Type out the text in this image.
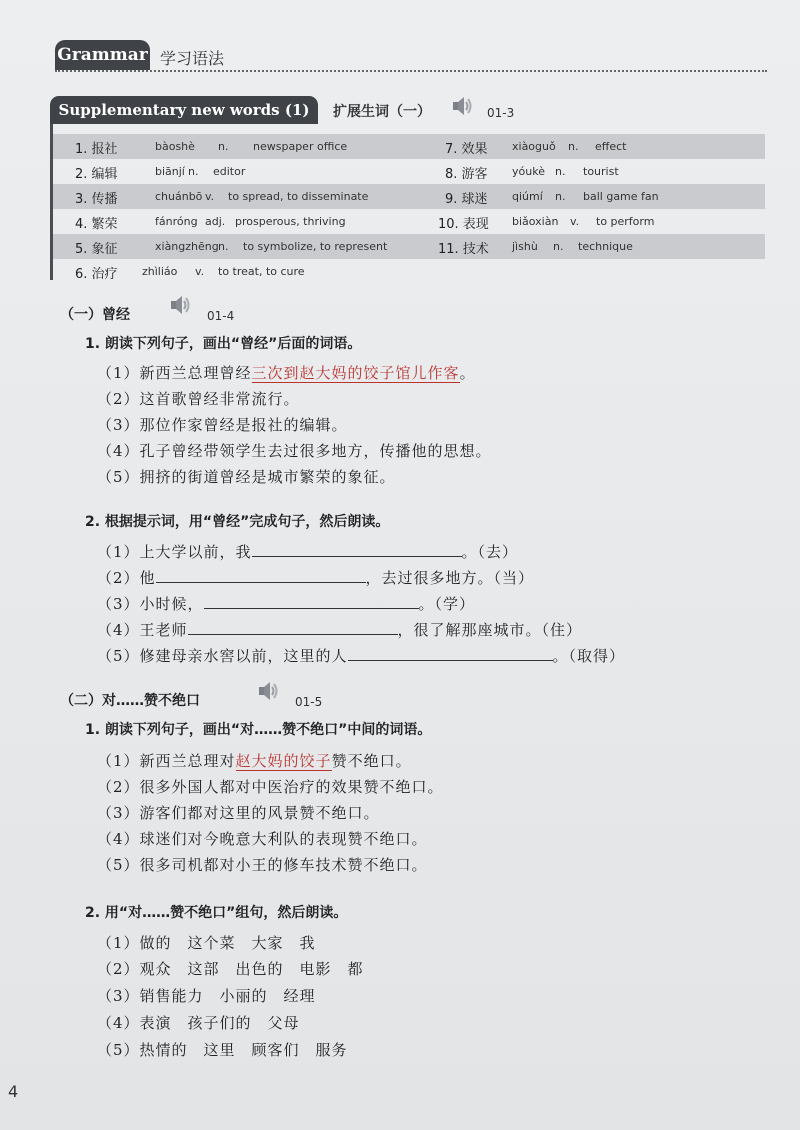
Grammar 学习语法
Supplementary new words (1)	扩展生词（一）	01-3
1. 报社	bàoshè n. newspaper office
2. 编辑	biānjí n. editor
3. 传播	chuánbō v. to spread, to disseminate
4. 繁荣	fánróng adj. prosperous, thriving
5. 象征	xiàngzhēng n. to symbolize, to represent
6. 治疗 zhìliáo v. to treat, to cure
7. 效果 xiàoguǒ n. effect
8. 游客 yóukè n. tourist
9. 球迷 qiúmí n. ball game fan
10. 表现 biǎoxiàn v. to perform
11. 技术 jìshù n. technique
（一）曾经	01-4
1. 朗读下列句子，画出“曾经”后面的词语。
（1）新西兰总理曾经三次到赵大妈的饺子馆儿作客。
（2）这首歌曾经非常流行。
（3）那位作家曾经是报社的编辑。
（4）孔子曾经带领学生去过很多地方，传播他的思想。
（5）拥挤的街道曾经是城市繁荣的象征。
2. 根据提示词，用“曾经”完成句子，然后朗读。
（1）上大学以前，我	。（去）
（2）他	，去过很多地方。（当）
（3）小时候，	。（学）
（4）王老师	，很了解那座城市。（住）
（5）修建母亲水窖以前，这里的人	。（取得）
（二）对……赞不绝口	01-5
1. 朗读下列句子，画出“对……赞不绝口”中间的词语。
（1）新西兰总理对赵大妈的饺子赞不绝口。
（2）很多外国人都对中医治疗的效果赞不绝口。
（3）游客们都对这里的风景赞不绝口。
（4）球迷们对今晚意大利队的表现赞不绝口。
（5）很多司机都对小王的修车技术赞不绝口。
2. 用“对……赞不绝口”组句，然后朗读。
（1）做的　这个菜　大家　我
（2）观众　这部　出色的　电影　都
（3）销售能力　小丽的　经理
（4）表演　孩子们的　父母
（5）热情的　这里　顾客们　服务
4
